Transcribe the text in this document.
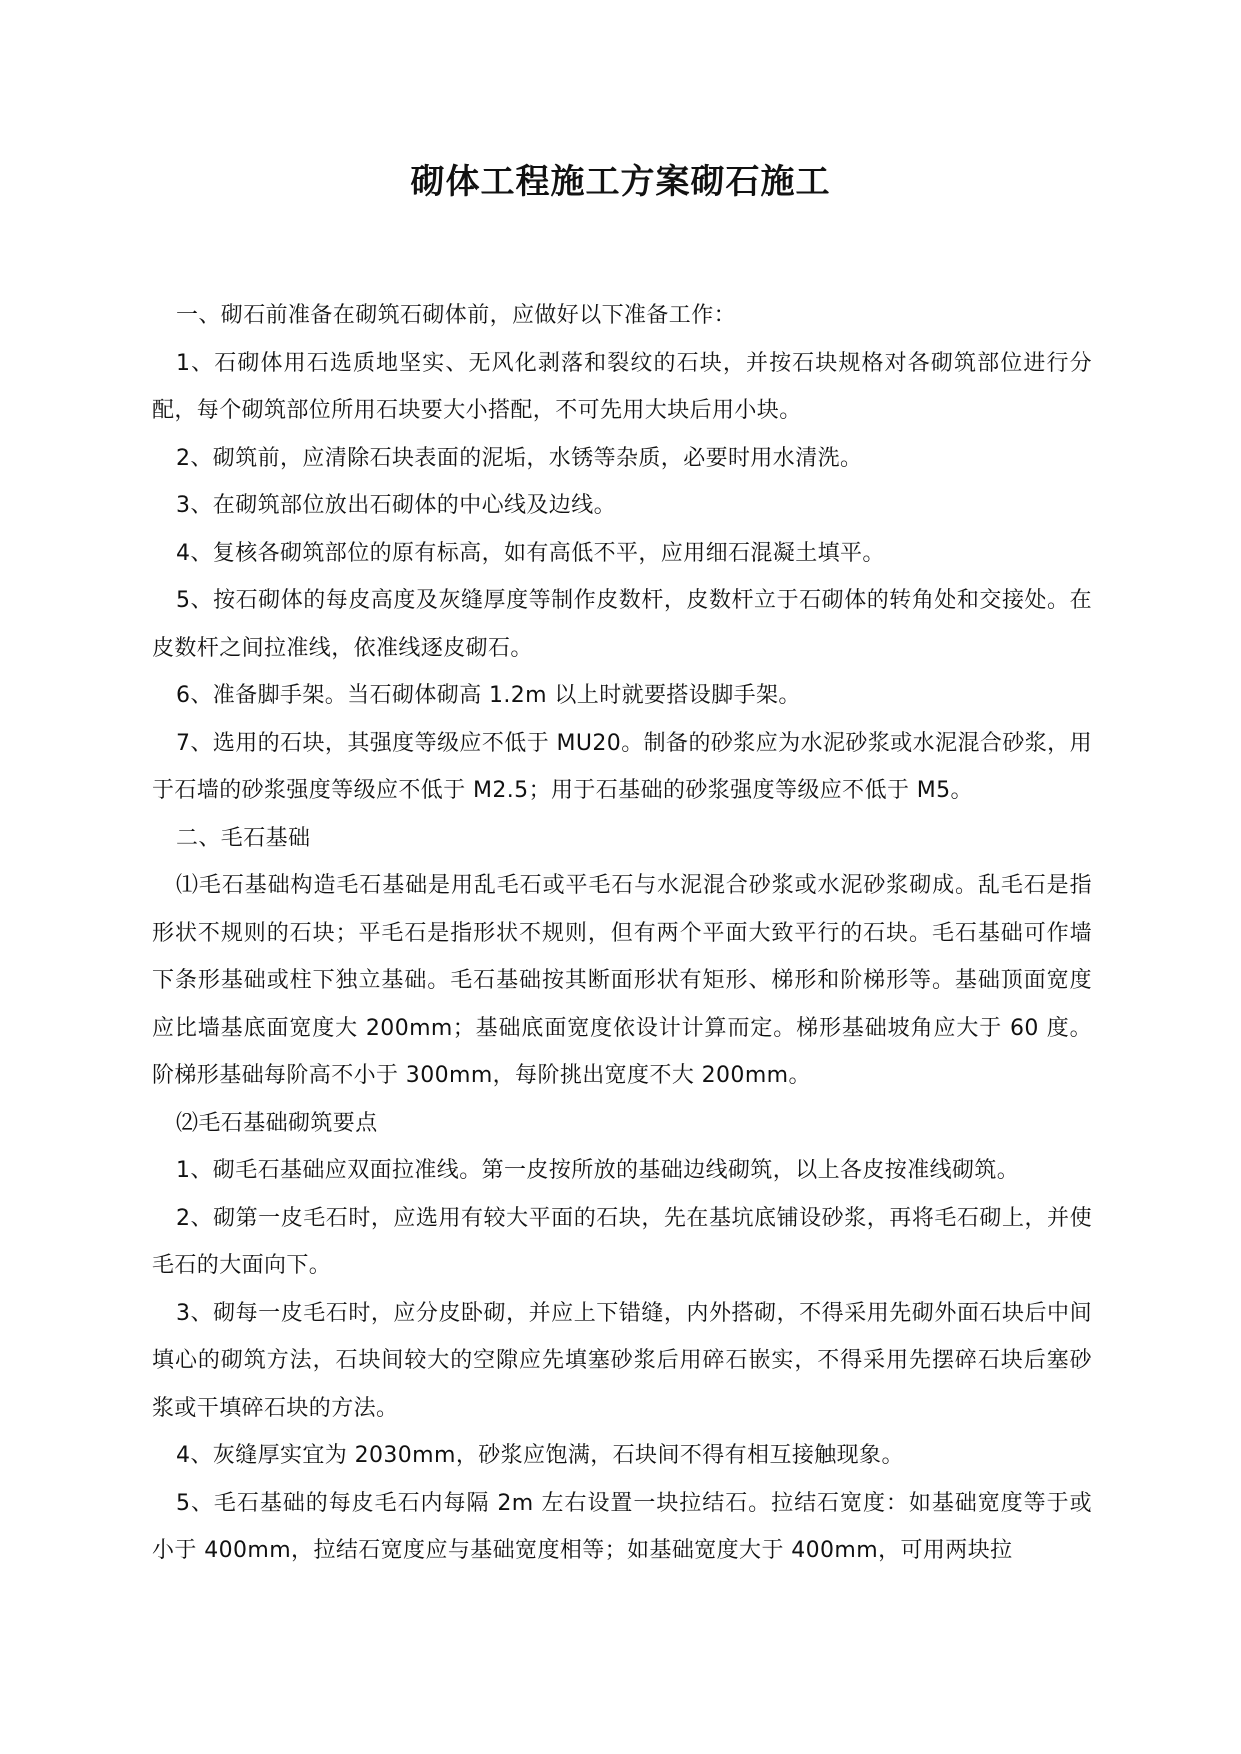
砌体工程施工方案砌石施工

一、砌石前准备在砌筑石砌体前，应做好以下准备工作：

1、石砌体用石选质地坚实、无风化剥落和裂纹的石块，并按石块规格对各砌筑部位进行分配，每个砌筑部位所用石块要大小搭配，不可先用大块后用小块。

2、砌筑前，应清除石块表面的泥垢，水锈等杂质，必要时用水清洗。

3、在砌筑部位放出石砌体的中心线及边线。

4、复核各砌筑部位的原有标高，如有高低不平，应用细石混凝土填平。

5、按石砌体的每皮高度及灰缝厚度等制作皮数杆，皮数杆立于石砌体的转角处和交接处。在皮数杆之间拉准线，依准线逐皮砌石。

6、准备脚手架。当石砌体砌高 1.2m 以上时就要搭设脚手架。

7、选用的石块，其强度等级应不低于 MU20。制备的砂浆应为水泥砂浆或水泥混合砂浆，用于石墙的砂浆强度等级应不低于 M2.5；用于石基础的砂浆强度等级应不低于 M5。

二、毛石基础

⑴毛石基础构造毛石基础是用乱毛石或平毛石与水泥混合砂浆或水泥砂浆砌成。乱毛石是指形状不规则的石块；平毛石是指形状不规则，但有两个平面大致平行的石块。毛石基础可作墙下条形基础或柱下独立基础。毛石基础按其断面形状有矩形、梯形和阶梯形等。基础顶面宽度应比墙基底面宽度大 200mm；基础底面宽度依设计计算而定。梯形基础坡角应大于 60 度。阶梯形基础每阶高不小于 300mm，每阶挑出宽度不大 200mm。

⑵毛石基础砌筑要点

1、砌毛石基础应双面拉准线。第一皮按所放的基础边线砌筑，以上各皮按准线砌筑。

2、砌第一皮毛石时，应选用有较大平面的石块，先在基坑底铺设砂浆，再将毛石砌上，并使毛石的大面向下。

3、砌每一皮毛石时，应分皮卧砌，并应上下错缝，内外搭砌，不得采用先砌外面石块后中间填心的砌筑方法，石块间较大的空隙应先填塞砂浆后用碎石嵌实，不得采用先摆碎石块后塞砂浆或干填碎石块的方法。

4、灰缝厚实宜为 2030mm，砂浆应饱满，石块间不得有相互接触现象。

5、毛石基础的每皮毛石内每隔 2m 左右设置一块拉结石。拉结石宽度：如基础宽度等于或小于 400mm，拉结石宽度应与基础宽度相等；如基础宽度大于 400mm，可用两块拉
